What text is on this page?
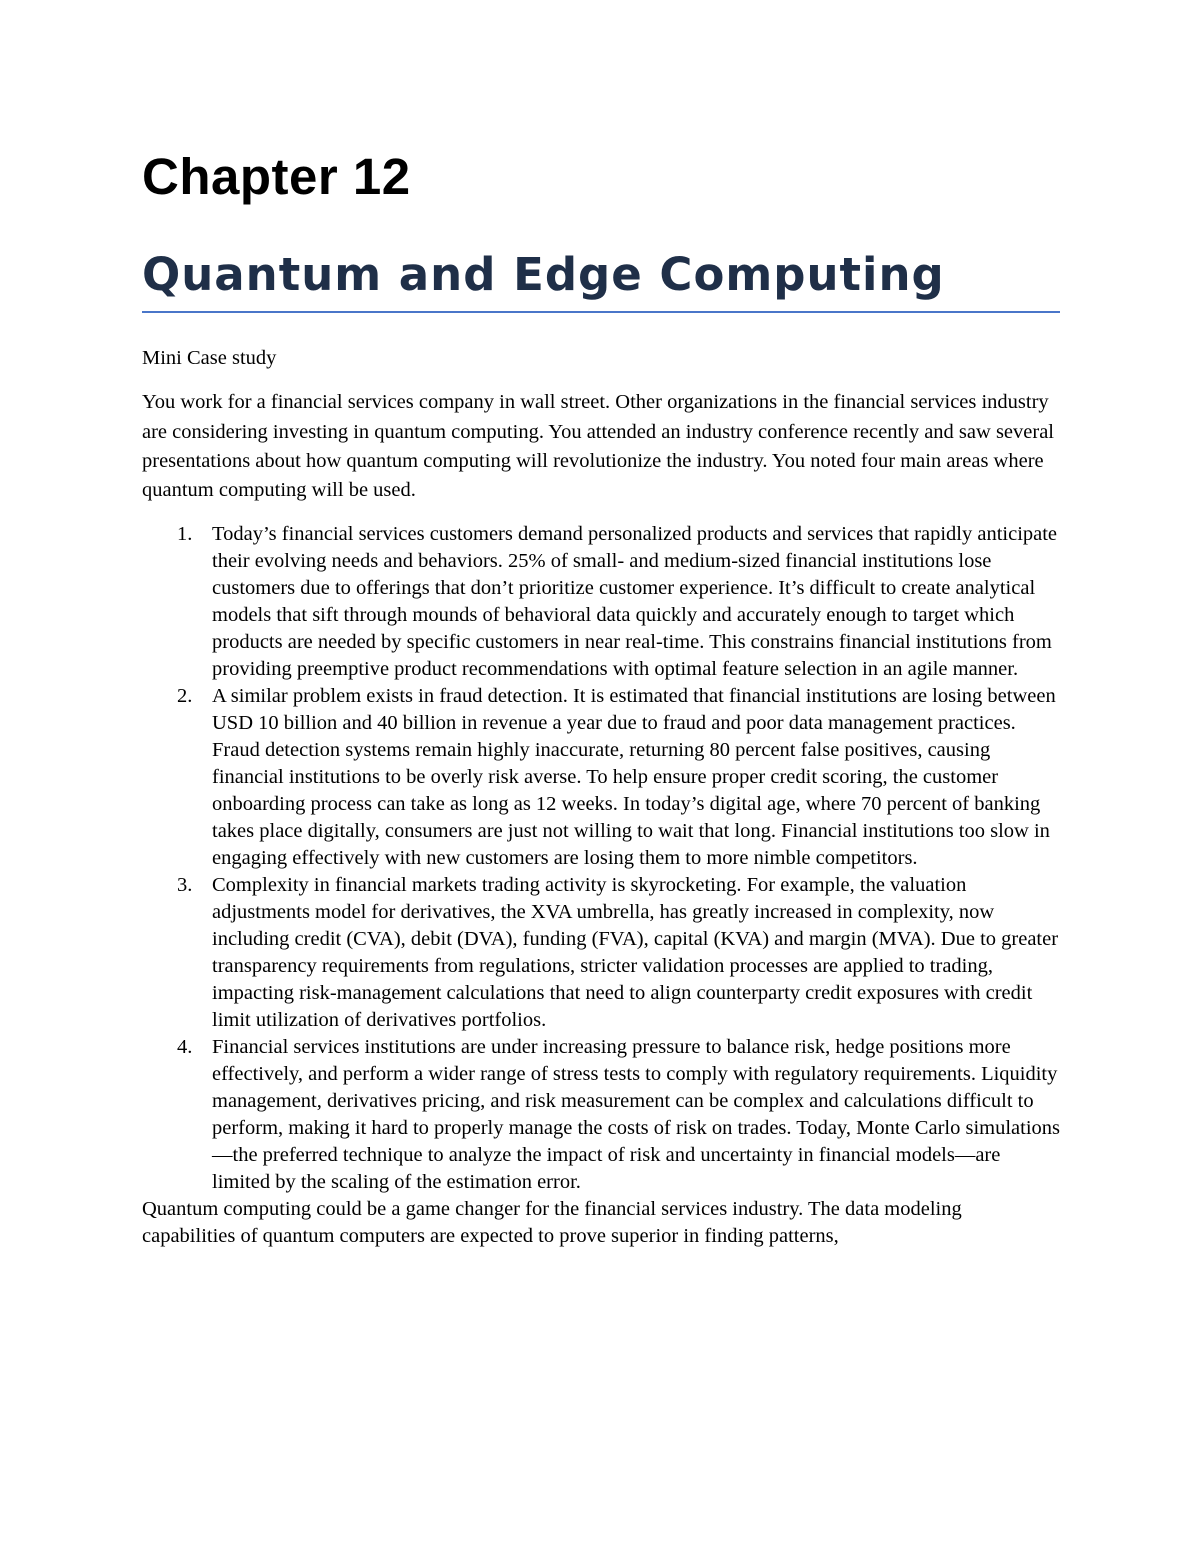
Chapter 12
Quantum and Edge Computing

Mini Case study

You work for a financial services company in wall street. Other organizations in the financial services industry are considering investing in quantum computing. You attended an industry conference recently and saw several presentations about how quantum computing will revolutionize the industry. You noted four main areas where quantum computing will be used.

1. Today’s financial services customers demand personalized products and services that rapidly anticipate their evolving needs and behaviors. 25% of small- and medium-sized financial institutions lose customers due to offerings that don’t prioritize customer experience. It’s difficult to create analytical models that sift through mounds of behavioral data quickly and accurately enough to target which products are needed by specific customers in near real-time. This constrains financial institutions from providing preemptive product recommendations with optimal feature selection in an agile manner.
2. A similar problem exists in fraud detection. It is estimated that financial institutions are losing between USD 10 billion and 40 billion in revenue a year due to fraud and poor data management practices. Fraud detection systems remain highly inaccurate, returning 80 percent false positives, causing financial institutions to be overly risk averse. To help ensure proper credit scoring, the customer onboarding process can take as long as 12 weeks. In today’s digital age, where 70 percent of banking takes place digitally, consumers are just not willing to wait that long. Financial institutions too slow in engaging effectively with new customers are losing them to more nimble competitors.
3. Complexity in financial markets trading activity is skyrocketing. For example, the valuation adjustments model for derivatives, the XVA umbrella, has greatly increased in complexity, now including credit (CVA), debit (DVA), funding (FVA), capital (KVA) and margin (MVA). Due to greater transparency requirements from regulations, stricter validation processes are applied to trading, impacting risk-management calculations that need to align counterparty credit exposures with credit limit utilization of derivatives portfolios.
4. Financial services institutions are under increasing pressure to balance risk, hedge positions more effectively, and perform a wider range of stress tests to comply with regulatory requirements. Liquidity management, derivatives pricing, and risk measurement can be complex and calculations difficult to perform, making it hard to properly manage the costs of risk on trades. Today, Monte Carlo simulations—the preferred technique to analyze the impact of risk and uncertainty in financial models—are limited by the scaling of the estimation error.

Quantum computing could be a game changer for the financial services industry. The data modeling capabilities of quantum computers are expected to prove superior in finding patterns,
